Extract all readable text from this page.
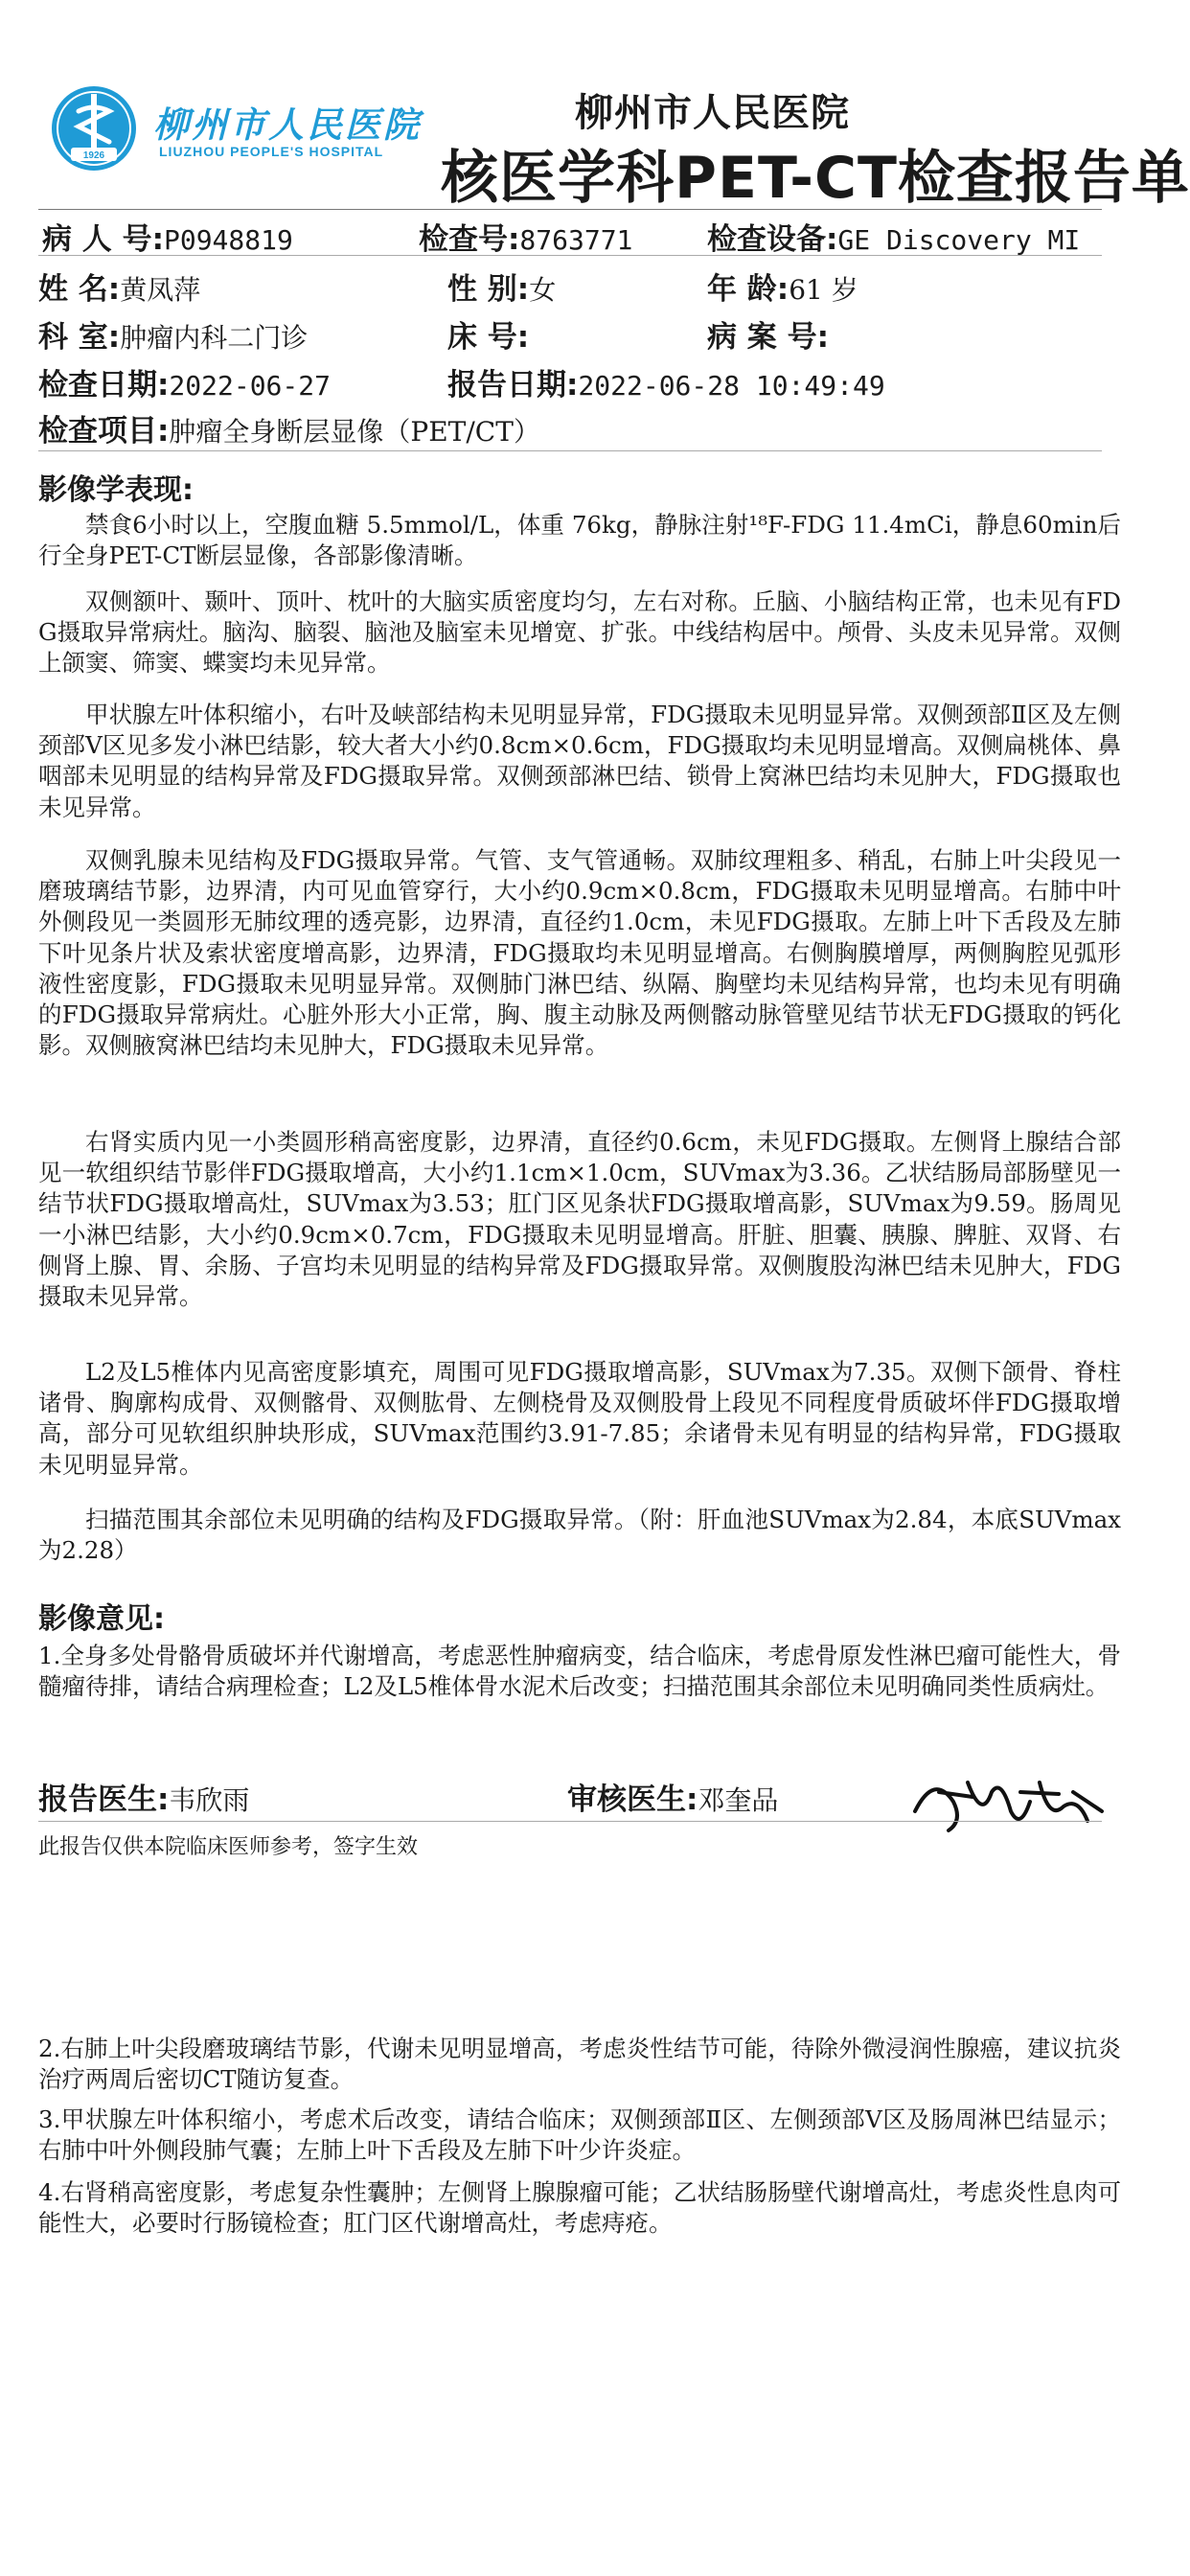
1926
柳州市人民医院
LIUZHOU PEOPLE'S HOSPITAL
柳州市人民医院
核医学科PET-CT检查报告单
病 人 号:P0948819	检查号:8763771	检查设备:GE Discovery MI
姓 名:黄凤萍	性 别:女	年 龄:61 岁
科 室:肿瘤内科二门诊	床 号:	病 案 号:
检查日期:2022-06-27	报告日期:2022-06-28 10:49:49
检查项目:肿瘤全身断层显像（PET/CT）
影像学表现:

禁食6小时以上，空腹血糖 5.5mmol/L，体重 76kg，静脉注射¹⁸F-FDG 11.4mCi，静息60min后行全身PET-CT断层显像，各部影像清晰。

双侧额叶、颞叶、顶叶、枕叶的大脑实质密度均匀，左右对称。丘脑、小脑结构正常，也未见有FDG摄取异常病灶。脑沟、脑裂、脑池及脑室未见增宽、扩张。中线结构居中。颅骨、头皮未见异常。双侧上颌窦、筛窦、蝶窦均未见异常。

甲状腺左叶体积缩小，右叶及峡部结构未见明显异常，FDG摄取未见明显异常。双侧颈部Ⅱ区及左侧颈部Ⅴ区见多发小淋巴结影，较大者大小约0.8cm×0.6cm，FDG摄取均未见明显增高。双侧扁桃体、鼻咽部未见明显的结构异常及FDG摄取异常。双侧颈部淋巴结、锁骨上窝淋巴结均未见肿大，FDG摄取也未见异常。

双侧乳腺未见结构及FDG摄取异常。气管、支气管通畅。双肺纹理粗多、稍乱，右肺上叶尖段见一磨玻璃结节影，边界清，内可见血管穿行，大小约0.9cm×0.8cm，FDG摄取未见明显增高。右肺中叶外侧段见一类圆形无肺纹理的透亮影，边界清，直径约1.0cm，未见FDG摄取。左肺上叶下舌段及左肺下叶见条片状及索状密度增高影，边界清，FDG摄取均未见明显增高。右侧胸膜增厚，两侧胸腔见弧形液性密度影，FDG摄取未见明显异常。双侧肺门淋巴结、纵隔、胸壁均未见结构异常，也均未见有明确的FDG摄取异常病灶。心脏外形大小正常，胸、腹主动脉及两侧髂动脉管壁见结节状无FDG摄取的钙化影。双侧腋窝淋巴结均未见肿大，FDG摄取未见异常。

右肾实质内见一小类圆形稍高密度影，边界清，直径约0.6cm，未见FDG摄取。左侧肾上腺结合部见一软组织结节影伴FDG摄取增高，大小约1.1cm×1.0cm，SUVmax为3.36。乙状结肠局部肠壁见一结节状FDG摄取增高灶，SUVmax为3.53；肛门区见条状FDG摄取增高影，SUVmax为9.59。肠周见一小淋巴结影，大小约0.9cm×0.7cm，FDG摄取未见明显增高。肝脏、胆囊、胰腺、脾脏、双肾、右侧肾上腺、胃、余肠、子宫均未见明显的结构异常及FDG摄取异常。双侧腹股沟淋巴结未见肿大，FDG摄取未见异常。

L2及L5椎体内见高密度影填充，周围可见FDG摄取增高影，SUVmax为7.35。双侧下颌骨、脊柱诸骨、胸廓构成骨、双侧髂骨、双侧肱骨、左侧桡骨及双侧股骨上段见不同程度骨质破坏伴FDG摄取增高，部分可见软组织肿块形成，SUVmax范围约3.91-7.85；余诸骨未见有明显的结构异常，FDG摄取未见明显异常。

扫描范围其余部位未见明确的结构及FDG摄取异常。（附：肝血池SUVmax为2.84，本底SUVmax为2.28）

影像意见:

1.全身多处骨骼骨质破坏并代谢增高，考虑恶性肿瘤病变，结合临床，考虑骨原发性淋巴瘤可能性大，骨髓瘤待排，请结合病理检查；L2及L5椎体骨水泥术后改变；扫描范围其余部位未见明确同类性质病灶。

报告医生:韦欣雨	审核医生:邓奎品
此报告仅供本院临床医师参考，签字生效

2.右肺上叶尖段磨玻璃结节影，代谢未见明显增高，考虑炎性结节可能，待除外微浸润性腺癌，建议抗炎治疗两周后密切CT随访复查。

3.甲状腺左叶体积缩小，考虑术后改变，请结合临床；双侧颈部Ⅱ区、左侧颈部Ⅴ区及肠周淋巴结显示；右肺中叶外侧段肺气囊；左肺上叶下舌段及左肺下叶少许炎症。

4.右肾稍高密度影，考虑复杂性囊肿；左侧肾上腺腺瘤可能；乙状结肠肠壁代谢增高灶，考虑炎性息肉可能性大，必要时行肠镜检查；肛门区代谢增高灶，考虑痔疮。
